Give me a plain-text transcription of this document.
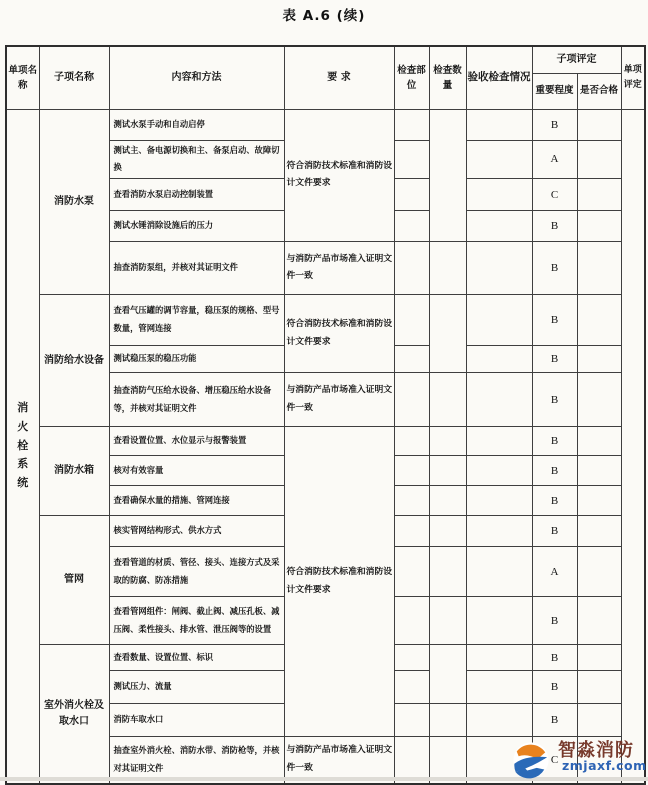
表 A.6 (续)
单项名称	子项名称	内容和方法	要 求	检查部位	检查数量	验收检查情况	子项评定		单项评定
							重要程度	是否合格	
消火栓系统	消防水泵	测试水泵手动和自动启停	符合消防技术标准和消防设计文件要求				B		
		测试主、备电源切换和主、备泵启动、故障切换					A		
		查看消防水泵启动控制装置					C		
		测试水锤消除设施后的压力					B		
		抽查消防泵组，并核对其证明文件	与消防产品市场准入证明文件一致				B		
	消防给水设备	查看气压罐的调节容量，稳压泵的规格、型号数量，管网连接	符合消防技术标准和消防设计文件要求				B		
		测试稳压泵的稳压功能					B		
		抽查消防气压给水设备、增压稳压给水设备等，并核对其证明文件	与消防产品市场准入证明文件一致				B		
	消防水箱	查看设置位置、水位显示与报警装置	符合消防技术标准和消防设计文件要求				B		
		核对有效容量					B		
		查看确保水量的措施、管网连接					B		
	管网	核实管网结构形式、供水方式					B		
		查看管道的材质、管径、接头、连接方式及采取的防腐、防冻措施					A		
		查看管网组件：闸阀、截止阀、减压孔板、减压阀、柔性接头、排水管、泄压阀等的设置					B		
	室外消火栓及取水口	查看数量、设置位置、标识					B		
		测试压力、流量					B		
		消防车取水口					B		
		抽查室外消火栓、消防水带、消防枪等，并核对其证明文件	与消防产品市场准入证明文件一致				C		智淼消防
zmjaxf.com
